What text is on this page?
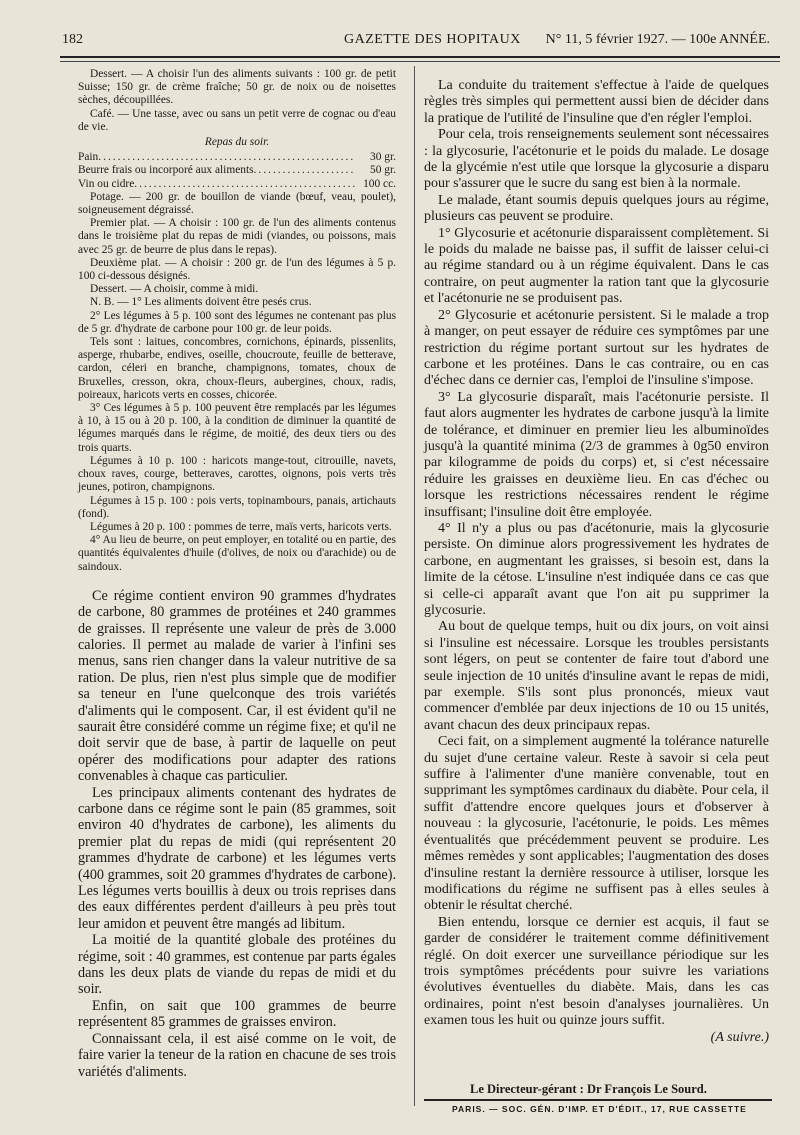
182	GAZETTE DES HOPITAUX N° 11, 5 février 1927. — 100e ANNÉE.

Dessert. — A choisir l'un des aliments suivants : 100 gr. de petit Suisse; 150 gr. de crème fraîche; 50 gr. de noix ou de noisettes sèches, découpillées.

Café. — Une tasse, avec ou sans un petit verre de cognac ou d'eau de vie.

Repas du soir.

Pain .....	30 gr.
Beurre frais ou incorporé aux aliments .....	50 gr.
Vin ou cidre .....	100 cc.

Potage. — 200 gr. de bouillon de viande (bœuf, veau, poulet), soigneusement dégraissé.

Premier plat. — A choisir : 100 gr. de l'un des aliments contenus dans le troisième plat du repas de midi (viandes, ou poissons, mais avec 25 gr. de beurre de plus dans le repas).

Deuxième plat. — A choisir : 200 gr. de l'un des légumes à 5 p. 100 ci-dessous désignés.

Dessert. — A choisir, comme à midi.

N. B. — 1° Les aliments doivent être pesés crus.

2° Les légumes à 5 p. 100 sont des légumes ne contenant pas plus de 5 gr. d'hydrate de carbone pour 100 gr. de leur poids.

Tels sont : laitues, concombres, cornichons, épinards, pissenlits, asperge, rhubarbe, endives, oseille, choucroute, feuille de betterave, cardon, céleri en branche, champignons, tomates, choux de Bruxelles, cresson, okra, choux-fleurs, aubergines, choux, radis, poireaux, haricots verts en cosses, chicorée.

3° Ces légumes à 5 p. 100 peuvent être remplacés par les légumes à 10, à 15 ou à 20 p. 100, à la condition de diminuer la quantité de légumes marqués dans le régime, de moitié, des deux tiers ou des trois quarts.

Légumes à 10 p. 100 : haricots mange-tout, citrouille, navets, choux raves, courge, betteraves, carottes, oignons, pois verts très jeunes, potiron, champignons.

Légumes à 15 p. 100 : pois verts, topinambours, panais, artichauts (fond).

Légumes à 20 p. 100 : pommes de terre, maïs verts, haricots verts.

4° Au lieu de beurre, on peut employer, en totalité ou en partie, des quantités équivalentes d'huile (d'olives, de noix ou d'arachide) ou de saindoux.

Ce régime contient environ 90 grammes d'hydrates de carbone, 80 grammes de protéines et 240 grammes de graisses. Il représente une valeur de près de 3.000 calories. Il permet au malade de varier à l'infini ses menus, sans rien changer dans la valeur nutritive de sa ration. De plus, rien n'est plus simple que de modifier sa teneur en l'une quelconque des trois variétés d'aliments qui le composent. Car, il est évident qu'il ne saurait être considéré comme un régime fixe; et qu'il ne doit servir que de base, à partir de laquelle on peut opérer des modifications pour adapter des rations convenables à chaque cas particulier.

Les principaux aliments contenant des hydrates de carbone dans ce régime sont le pain (85 grammes, soit environ 40 d'hydrates de carbone), les aliments du premier plat du repas de midi (qui représentent 20 grammes d'hydrate de carbone) et les légumes verts (400 grammes, soit 20 grammes d'hydrates de carbone). Les légumes verts bouillis à deux ou trois reprises dans des eaux différentes perdent d'ailleurs à peu près tout leur amidon et peuvent être mangés ad libitum.

La moitié de la quantité globale des protéines du régime, soit : 40 grammes, est contenue par parts égales dans les deux plats de viande du repas de midi et du soir.

Enfin, on sait que 100 grammes de beurre représentent 85 grammes de graisses environ.

Connaissant cela, il est aisé comme on le voit, de faire varier la teneur de la ration en chacune de ses trois variétés d'aliments.

La conduite du traitement s'effectue à l'aide de quelques règles très simples qui permettent aussi bien de décider dans la pratique de l'utilité de l'insuline que d'en régler l'emploi.

Pour cela, trois renseignements seulement sont nécessaires : la glycosurie, l'acétonurie et le poids du malade. Le dosage de la glycémie n'est utile que lorsque la glycosurie a disparu pour s'assurer que le sucre du sang est bien à la normale.

Le malade, étant soumis depuis quelques jours au régime, plusieurs cas peuvent se produire.

1° Glycosurie et acétonurie disparaissent complètement. Si le poids du malade ne baisse pas, il suffit de laisser celui-ci au régime standard ou à un régime équivalent. Dans le cas contraire, on peut augmenter la ration tant que la glycosurie et l'acétonurie ne se produisent pas.

2° Glycosurie et acétonurie persistent. Si le malade a trop à manger, on peut essayer de réduire ces symptômes par une restriction du régime portant surtout sur les hydrates de carbone et les protéines. Dans le cas contraire, ou en cas d'échec dans ce dernier cas, l'emploi de l'insuline s'impose.

3° La glycosurie disparaît, mais l'acétonurie persiste. Il faut alors augmenter les hydrates de carbone jusqu'à la limite de tolérance, et diminuer en premier lieu les albuminoïdes jusqu'à la quantité minima (2/3 de grammes à 0g50 environ par kilogramme de poids du corps) et, si c'est nécessaire réduire les graisses en deuxième lieu. En cas d'échec ou lorsque les restrictions nécessaires rendent le régime insuffisant; l'insuline doit être employée.

4° Il n'y a plus ou pas d'acétonurie, mais la glycosurie persiste. On diminue alors progressivement les hydrates de carbone, en augmentant les graisses, si besoin est, dans la limite de la cétose. L'insuline n'est indiquée dans ce cas que si celle-ci apparaît avant que l'on ait pu supprimer la glycosurie.

Au bout de quelque temps, huit ou dix jours, on voit ainsi si l'insuline est nécessaire. Lorsque les troubles persistants sont légers, on peut se contenter de faire tout d'abord une seule injection de 10 unités d'insuline avant le repas de midi, par exemple. S'ils sont plus prononcés, mieux vaut commencer d'emblée par deux injections de 10 ou 15 unités, avant chacun des deux principaux repas.

Ceci fait, on a simplement augmenté la tolérance naturelle du sujet d'une certaine valeur. Reste à savoir si cela peut suffire à l'alimenter d'une manière convenable, tout en supprimant les symptômes cardinaux du diabète. Pour cela, il suffit d'attendre encore quelques jours et d'observer à nouveau : la glycosurie, l'acétonurie, le poids. Les mêmes éventualités que précédemment peuvent se produire. Les mêmes remèdes y sont applicables; l'augmentation des doses d'insuline restant la dernière ressource à utiliser, lorsque les modifications du régime ne suffisent pas à elles seules à obtenir le résultat cherché.

Bien entendu, lorsque ce dernier est acquis, il faut se garder de considérer le traitement comme définitivement réglé. On doit exercer une surveillance périodique sur les trois symptômes précédents pour suivre les variations évolutives éventuelles du diabète. Mais, dans les cas ordinaires, point n'est besoin d'analyses journalières. Un examen tous les huit ou quinze jours suffit.

(A suivre.)

Le Directeur-gérant : Dr François Le Sourd.
PARIS. — SOC. GÉN. D'IMP. ET D'ÉDIT., 17, RUE CASSETTE
